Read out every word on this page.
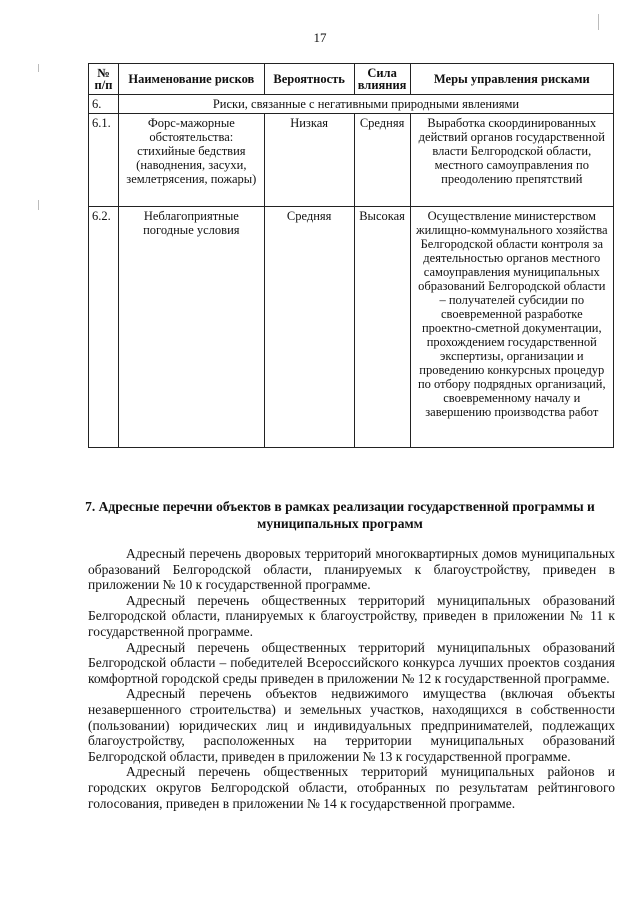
17
№ п/п	Наименование рисков	Вероятность	Сила влияния	Меры управления рисками
6.	Риски, связанные с негативными природными явлениями			
6.1.	Форс-мажорные обстоятельства: стихийные бедствия (наводнения, засухи, землетрясения, пожары)	Низкая	Средняя	Выработка скоординированных действий органов государственной власти Белгородской области, местного самоуправления по преодолению препятствий
6.2.	Неблагоприятные погодные условия	Средняя	Высокая	Осуществление министерством жилищно-коммунального хозяйства Белгородской области контроля за деятельностью органов местного самоуправления муниципальных образований Белгородской области – получателей субсидии по своевременной разработке проектно-сметной документации, прохождением государственной экспертизы, организации и проведению конкурсных процедур по отбору подрядных организаций, своевременному началу и завершению производства работ
7. Адресные перечни объектов в рамках реализации государственной программы и муниципальных программ

Адресный перечень дворовых территорий многоквартирных домов муниципальных образований Белгородской области, планируемых к благоустройству, приведен в приложении № 10 к государственной программе.

Адресный перечень общественных территорий муниципальных образований Белгородской области, планируемых к благоустройству, приведен в приложении № 11 к государственной программе.

Адресный перечень общественных территорий муниципальных образований Белгородской области – победителей Всероссийского конкурса лучших проектов создания комфортной городской среды приведен в приложении № 12 к государственной программе.

Адресный перечень объектов недвижимого имущества (включая объекты незавершенного строительства) и земельных участков, находящихся в собственности (пользовании) юридических лиц и индивидуальных предпринимателей, подлежащих благоустройству, расположенных на территории муниципальных образований Белгородской области, приведен в приложении № 13 к государственной программе.

Адресный перечень общественных территорий муниципальных районов и городских округов Белгородской области, отобранных по результатам рейтингового голосования, приведен в приложении № 14 к государственной программе.
